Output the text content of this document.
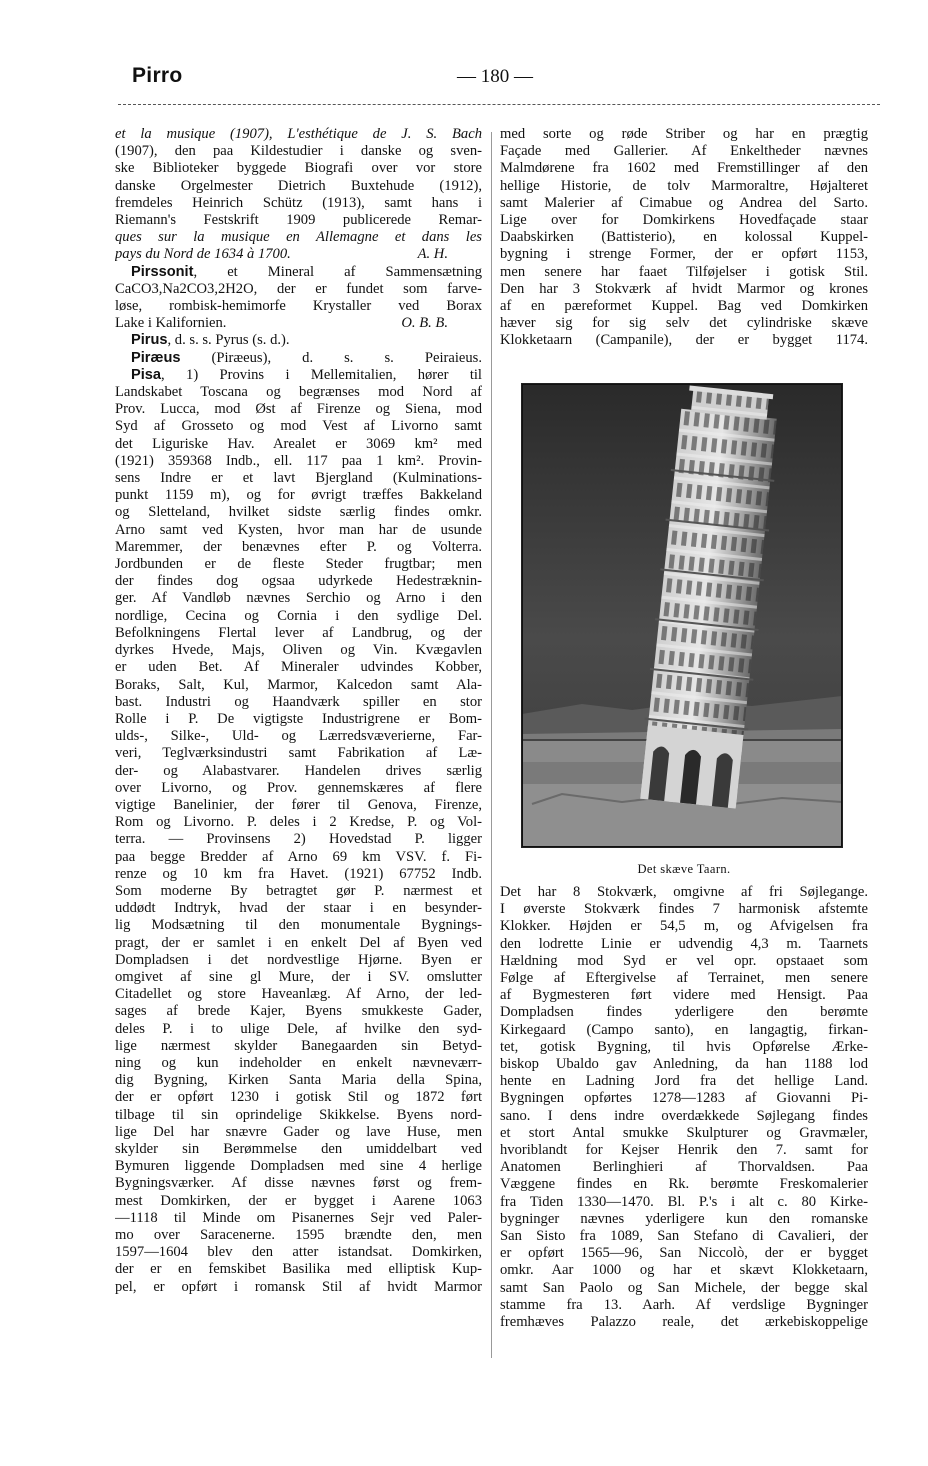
Pirro	— 180 —
et la musique (1907), L'esthétique de J. S. Bach
(1907), den paa Kildestudier i danske og sven-
ske Biblioteker byggede Biografi over vor store
danske Orgelmester Dietrich Buxtehude (1912),
fremdeles Heinrich Schütz (1913), samt hans i
Riemann's Festskrift 1909 publicerede Remar-
ques sur la musique en Allemagne et dans les
pays du Nord de 1634 à 1700.	A. H.
Pirssonit, et Mineral af Sammensætning
CaCO3,Na2CO3,2H2O, der er fundet som farve-
løse, rombisk-hemimorfe Krystaller ved Borax
Lake i Kalifornien.	O. B. B.
Pirus, d. s. s. Pyrus (s. d.).
Piræus (Piræeus), d. s. s. Peiraieus.
Pisa, 1) Provins i Mellemitalien, hører til
Landskabet Toscana og begrænses mod Nord af
Prov. Lucca, mod Øst af Firenze og Siena, mod
Syd af Grosseto og mod Vest af Livorno samt
det Liguriske Hav. Arealet er 3069 km² med
(1921) 359368 Indb., ell. 117 paa 1 km². Provin-
sens Indre er et lavt Bjergland (Kulminations-
punkt 1159 m), og for øvrigt træffes Bakkeland
og Sletteland, hvilket sidste særlig findes omkr.
Arno samt ved Kysten, hvor man har de usunde
Maremmer, der benævnes efter P. og Volterra.
Jordbunden er de fleste Steder frugtbar; men
der findes dog ogsaa udyrkede Hedestræknin-
ger. Af Vandløb nævnes Serchio og Arno i den
nordlige, Cecina og Cornia i den sydlige Del.
Befolkningens Flertal lever af Landbrug, og der
dyrkes Hvede, Majs, Oliven og Vin. Kvægavlen
er uden Bet. Af Mineraler udvindes Kobber,
Boraks, Salt, Kul, Marmor, Kalcedon samt Ala-
bast. Industri og Haandværk spiller en stor
Rolle i P. De vigtigste Industrigrene er Bom-
ulds-, Silke-, Uld- og Lærredsvæverierne, Far-
veri, Teglværksindustri samt Fabrikation af Læ-
der- og Alabastvarer. Handelen drives særlig
over Livorno, og Prov. gennemskæres af flere
vigtige Banelinier, der fører til Genova, Firenze,
Rom og Livorno. P. deles i 2 Kredse, P. og Vol-
terra. — Provinsens 2) Hovedstad P. ligger
paa begge Bredder af Arno 69 km VSV. f. Fi-
renze og 10 km fra Havet. (1921) 67752 Indb.
Som moderne By betragtet gør P. nærmest et
uddødt Indtryk, hvad der staar i en besynder-
lig Modsætning til den monumentale Bygnings-
pragt, der er samlet i en enkelt Del af Byen ved
Dompladsen i det nordvestlige Hjørne. Byen er
omgivet af sine gl Mure, der i SV. omslutter
Citadellet og store Haveanlæg. Af Arno, der led-
sages af brede Kajer, Byens smukkeste Gader,
deles P. i to ulige Dele, af hvilke den syd-
lige nærmest skylder Banegaarden sin Betyd-
ning og kun indeholder en enkelt nævneværr-
dig Bygning, Kirken Santa Maria della Spina,
der er opført 1230 i gotisk Stil og 1872 ført
tilbage til sin oprindelige Skikkelse. Byens nord-
lige Del har snævre Gader og lave Huse, men
skylder sin Berømmelse den umiddelbart ved
Bymuren liggende Dompladsen med sine 4 herlige
Bygningsværker. Af disse nævnes først og frem-
mest Domkirken, der er bygget i Aarene 1063
—1118 til Minde om Pisanernes Sejr ved Paler-
mo over Saracenerne. 1595 brændte den, men
1597—1604 blev den atter istandsat. Domkirken,
der er en femskibet Basilika med elliptisk Kup-
pel, er opført i romansk Stil af hvidt Marmor
med sorte og røde Striber og har en prægtig
Façade med Gallerier. Af Enkeltheder nævnes
Malmdørene fra 1602 med Fremstillinger af den
hellige Historie, de tolv Marmoraltre, Højalteret
samt Malerier af Cimabue og Andrea del Sarto.
Lige over for Domkirkens Hovedfaçade staar
Daabskirken (Battisterio), en kolossal Kuppel-
bygning i strenge Former, der er opført 1153,
men senere har faaet Tilføjelser i gotisk Stil.
Den har 3 Stokværk af hvidt Marmor og krones
af en pæreformet Kuppel. Bag ved Domkirken
hæver sig for sig selv det cylindriske skæve
Klokketaarn (Campanile), der er bygget 1174.
Det skæve Taarn.
Det har 8 Stokværk, omgivne af fri Søjlegange.
I øverste Stokværk findes 7 harmonisk afstemte
Klokker. Højden er 54,5 m, og Afvigelsen fra
den lodrette Linie er udvendig 4,3 m. Taarnets
Hældning mod Syd er vel opr. opstaaet som
Følge af Eftergivelse af Terrainet, men senere
af Bygmesteren ført videre med Hensigt. Paa
Dompladsen findes yderligere den berømte
Kirkegaard (Campo santo), en langagtig, firkan-
tet, gotisk Bygning, til hvis Opførelse Ærke-
biskop Ubaldo gav Anledning, da han 1188 lod
hente en Ladning Jord fra det hellige Land.
Bygningen opførtes 1278—1283 af Giovanni Pi-
sano. I dens indre overdækkede Søjlegang findes
et stort Antal smukke Skulpturer og Gravmæler,
hvoriblandt for Kejser Henrik den 7. samt for
Anatomen Berlinghieri af Thorvaldsen. Paa
Væggene findes en Rk. berømte Freskomalerier
fra Tiden 1330—1470. Bl. P.'s i alt c. 80 Kirke-
bygninger nævnes yderligere kun den romanske
San Sisto fra 1089, San Stefano di Cavalieri, der
er opført 1565—96, San Niccolò, der er bygget
omkr. Aar 1000 og har et skævt Klokketaarn,
samt San Paolo og San Michele, der begge skal
stamme fra 13. Aarh. Af verdslige Bygninger
fremhæves Palazzo reale, det ærkebiskoppelige
